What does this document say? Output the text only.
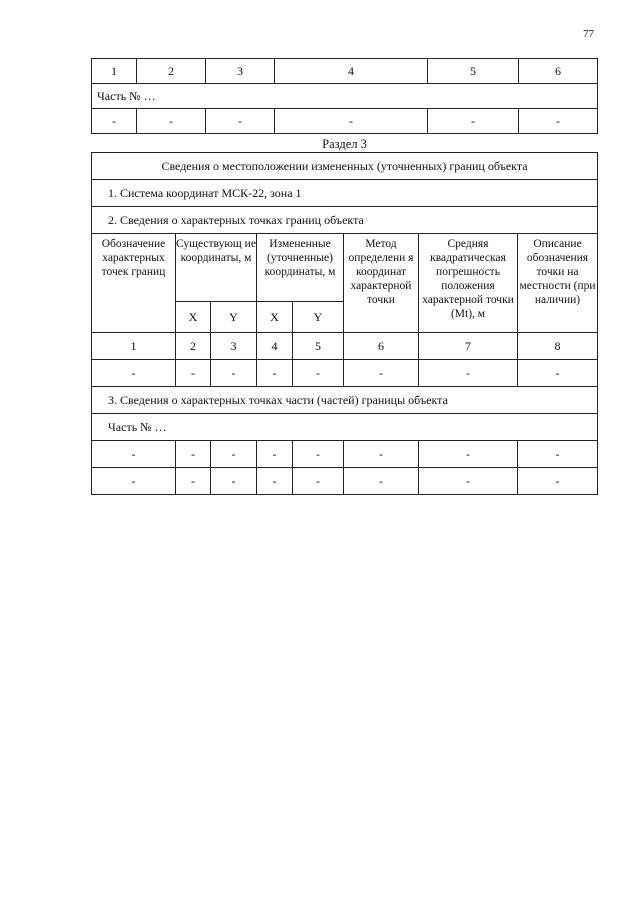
77
1	2	3	4	5	6
Часть № …					
-	-	-	-	-	-
Раздел 3
Сведения о местоположении измененных (уточненных) границ объекта							
1. Система координат МСК-22, зона 1							
2. Сведения о характерных точках границ объекта							
Обозначение характерных точек границ	Существующ ие координаты, м		Измененные (уточненные) координаты, м		Метод определени я координат характерной точки	Средняя квадратическая погрешность положения характерной точки (Mt), м	Описание обозначения точки на местности (при наличии)
	X	Y	X	Y			
1	2	3	4	5	6	7	8
-	-	-	-	-	-	-	-
3. Сведения о характерных точках части (частей) границы объекта							
Часть № …							
-	-	-	-	-	-	-	-
-	-	-	-	-	-	-	-
